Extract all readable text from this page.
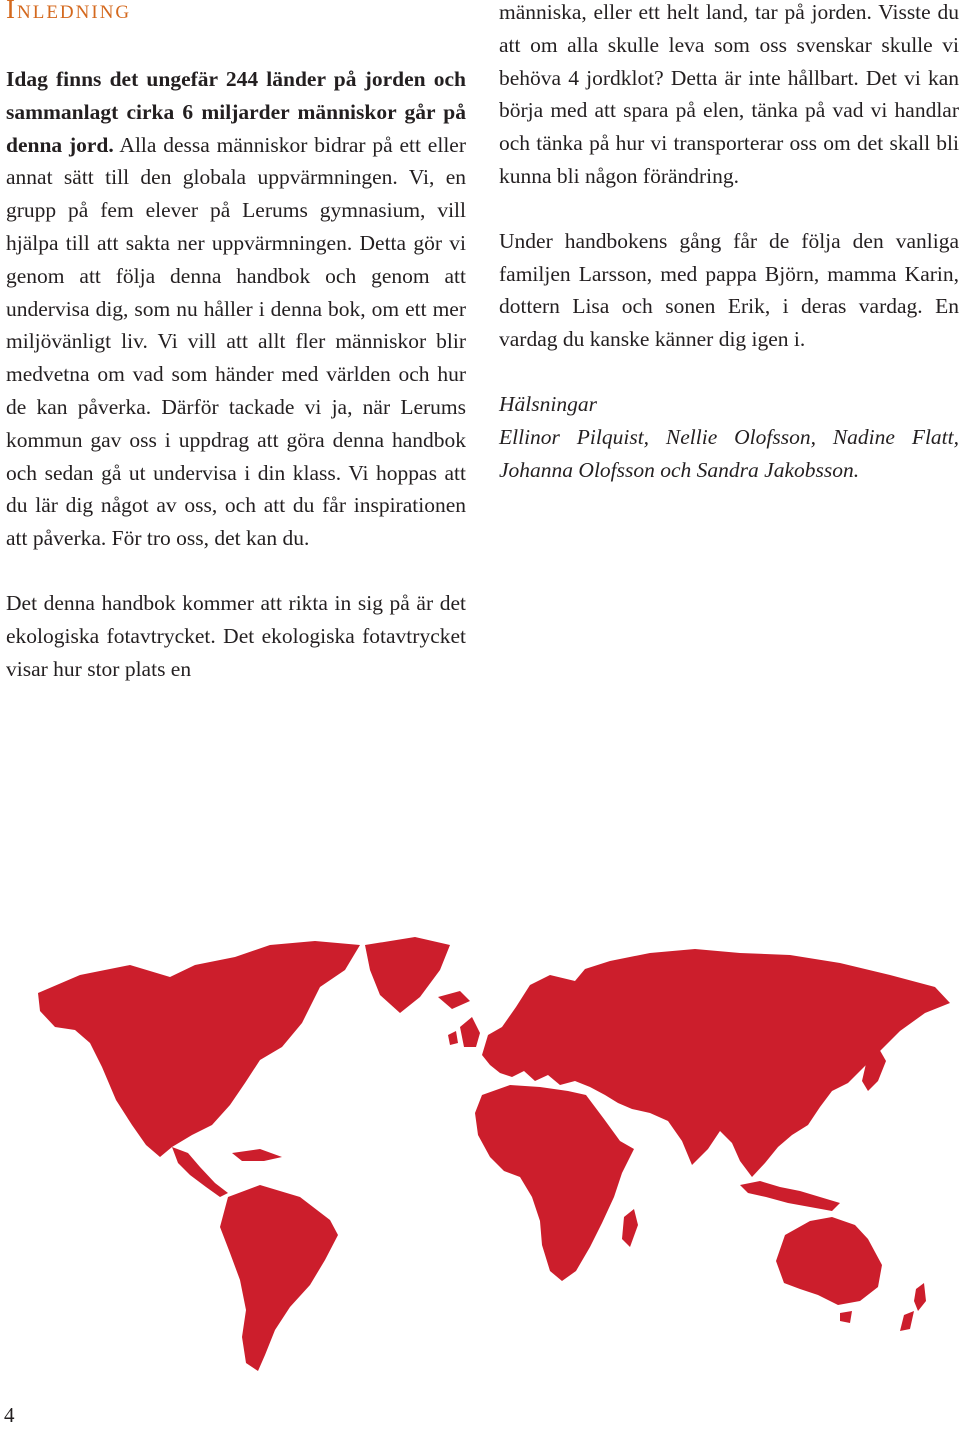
Inledning

Idag finns det ungefär 244 länder på jorden och sammanlagt cirka 6 miljarder människor går på denna jord. Alla dessa människor bidrar på ett eller annat sätt till den globala uppvärmningen. Vi, en grupp på fem elever på Lerums gymnasium, vill hjälpa till att sakta ner uppvärmningen. Detta gör vi genom att följa denna handbok och genom att undervisa dig, som nu håller i denna bok, om ett mer miljövänligt liv. Vi vill att allt fler människor blir medvetna om vad som händer med världen och hur de kan påverka. Därför tackade vi ja, när Lerums kommun gav oss i uppdrag att göra denna handbok och sedan gå ut undervisa i din klass. Vi hoppas att du lär dig något av oss, och att du får inspirationen att påverka. För tro oss, det kan du.

Det denna handbok kommer att rikta in sig på är det ekologiska fotavtrycket. Det ekologiska fotavtrycket visar hur stor plats en

människa, eller ett helt land, tar på jorden. Visste du att om alla skulle leva som oss svenskar skulle vi behöva 4 jordklot? Detta är inte hållbart. Det vi kan börja med att spara på elen, tänka på vad vi handlar och tänka på hur vi transporterar oss om det skall bli kunna bli någon förändring.

Under handbokens gång får de följa den vanliga familjen Larsson, med pappa Björn, mamma Karin, dottern Lisa och sonen Erik, i deras vardag. En vardag du kanske känner dig igen i.

Hälsningar

Ellinor Pilquist, Nellie Olofsson, Nadine Flatt, Johanna Olofsson och Sandra Jakobsson.

4
